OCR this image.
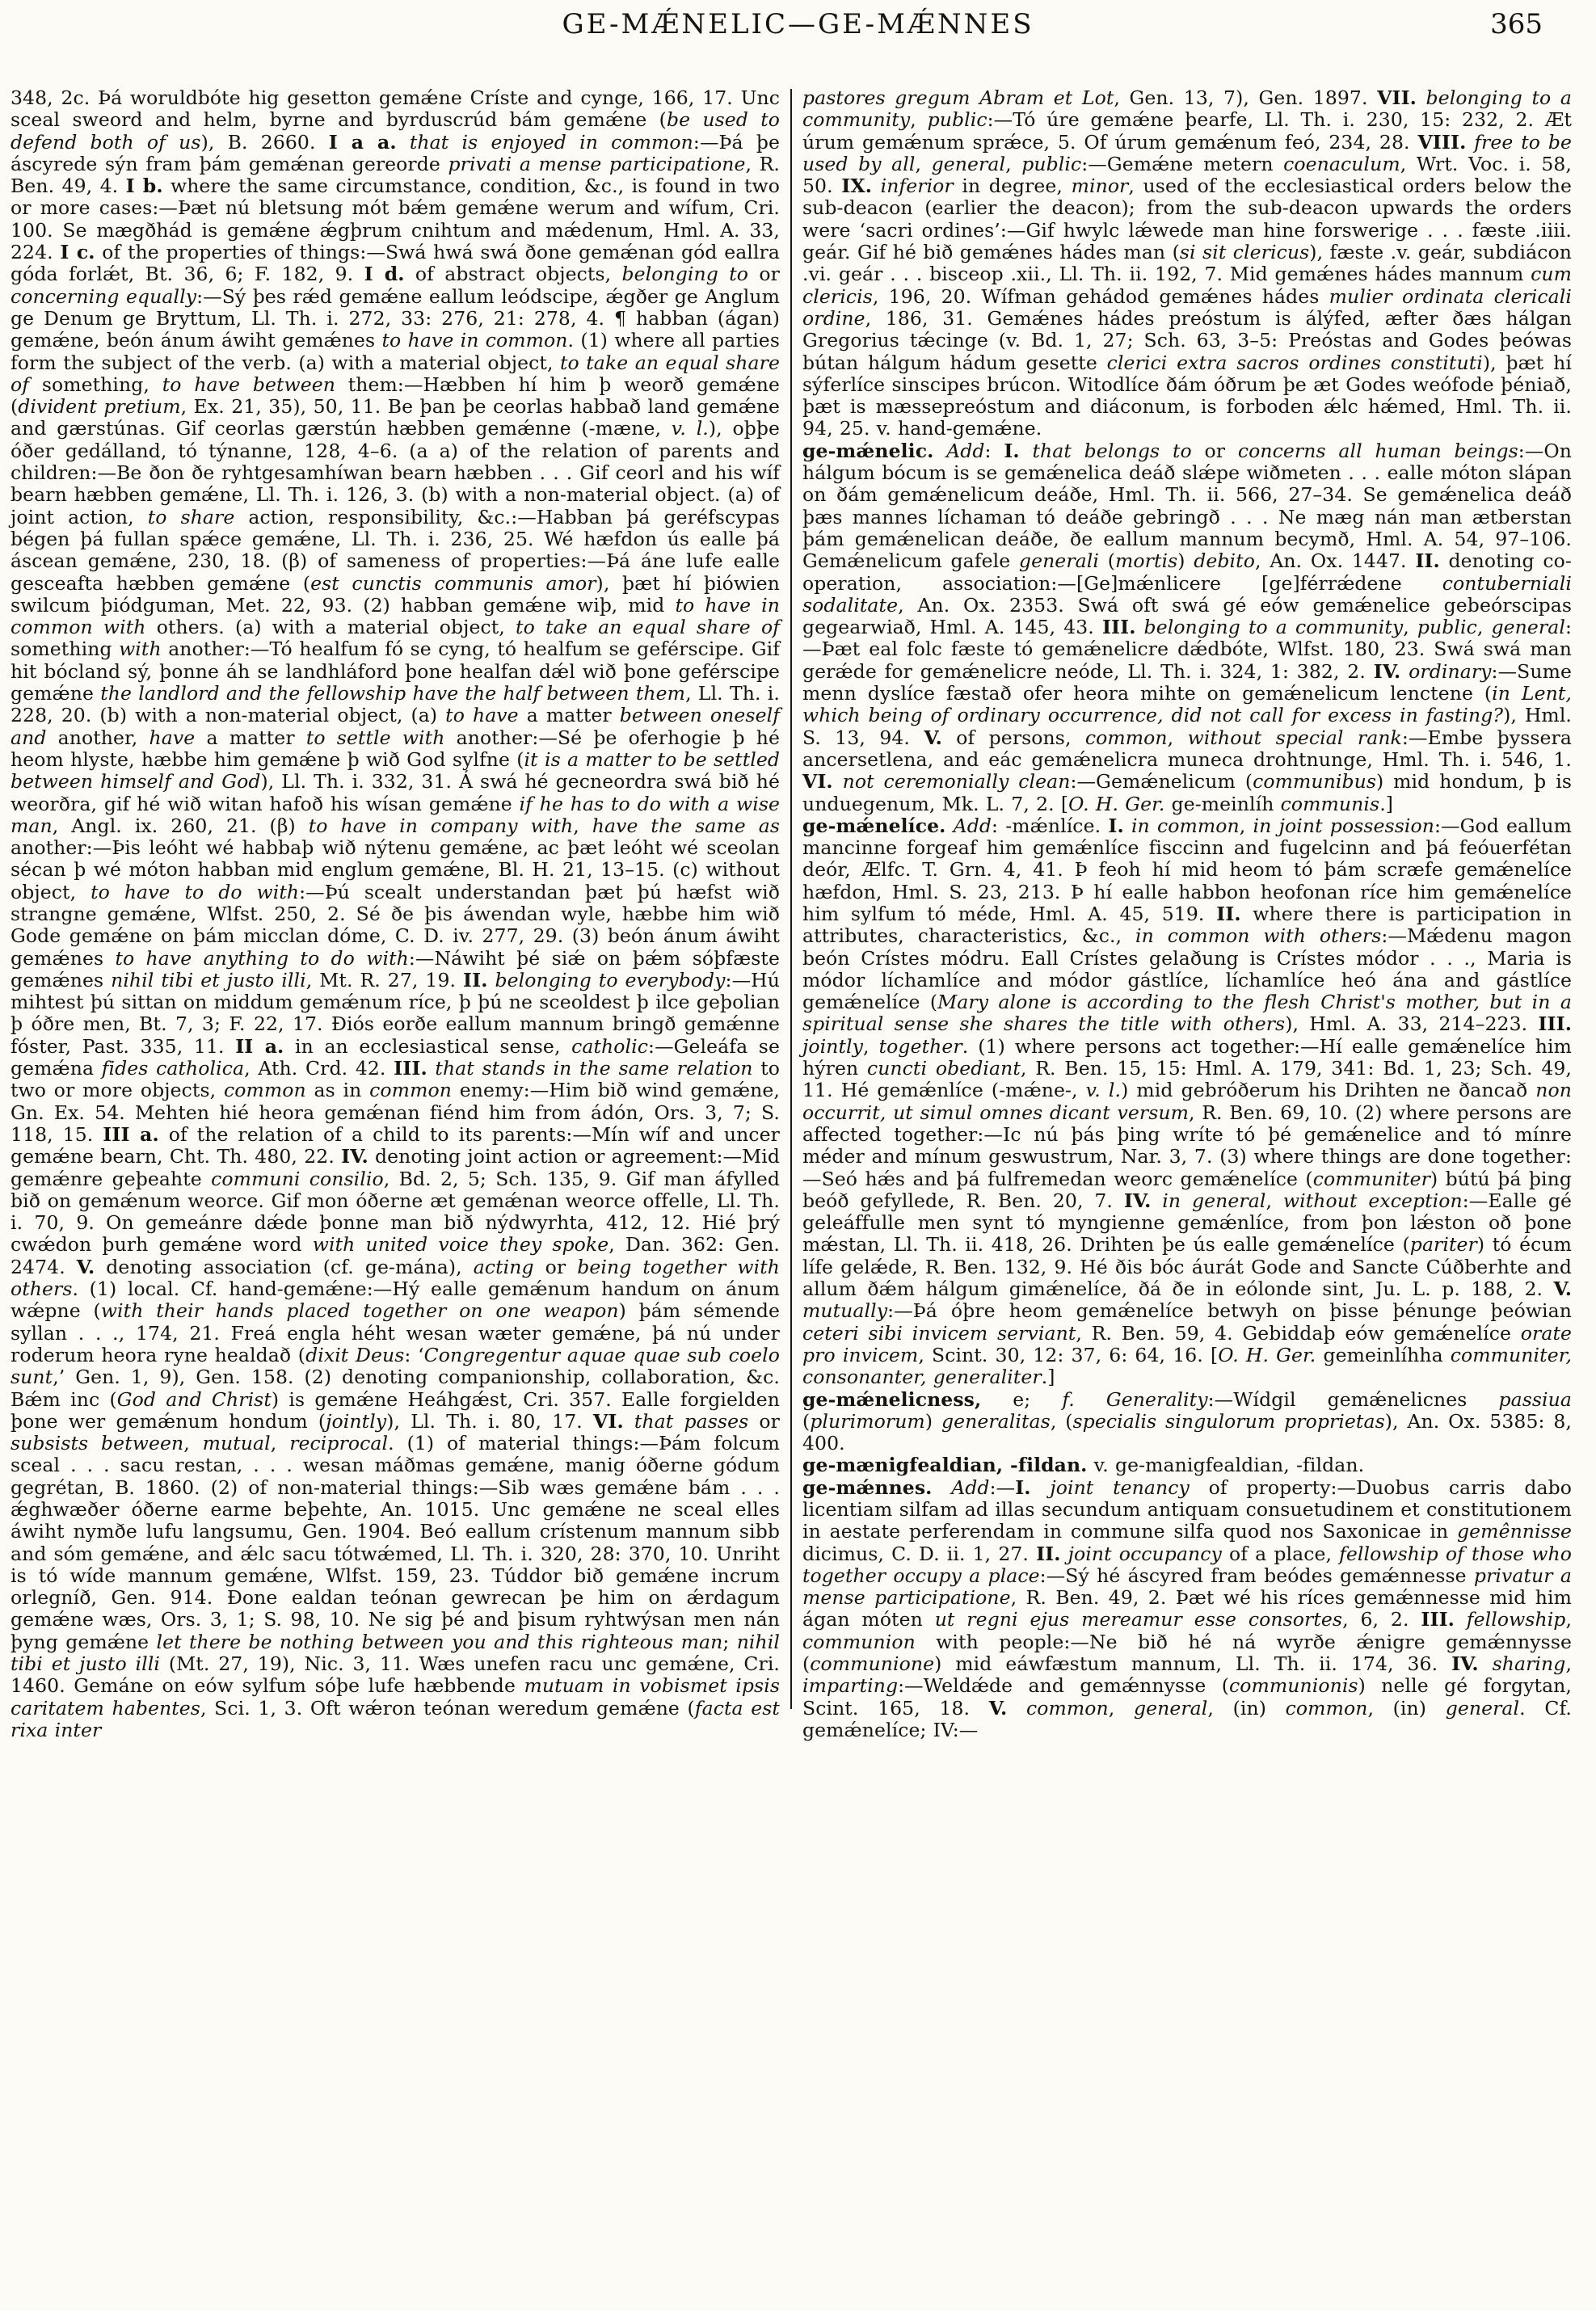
GE-MǼNELIC—GE-MǼNNES	365

348, 2c. Þá woruldbóte hig gesetton gemǽne Críste and cynge, 166, 17. Unc sceal sweord and helm, byrne and byrduscrúd bám gemǽne (be used to defend both of us), B. 2660. I a a. that is enjoyed in common:—Þá þe áscyrede sýn fram þám gemǽnan gereorde privati a mense participatione, R. Ben. 49, 4. I b. where the same circumstance, condition, &c., is found in two or more cases:—Þæt nú bletsung mót bǽm gemǽne werum and wífum, Cri. 100. Se mægðhád is gemǽne ǽgþrum cnihtum and mǽdenum, Hml. A. 33, 224. I c. of the properties of things:—Swá hwá swá ðone gemǽnan gód eallra góda forlǽt, Bt. 36, 6; F. 182, 9. I d. of abstract objects, belonging to or concerning equally:—Sý þes rǽd gemǽne eallum leódscipe, ǽgðer ge Anglum ge Denum ge Bryttum, Ll. Th. i. 272, 33: 276, 21: 278, 4. ¶ habban (ágan) gemǽne, beón ánum áwiht gemǽnes to have in common. (1) where all parties form the subject of the verb. (a) with a material object, to take an equal share of something, to have between them:—Hæbben hí him þ weorð gemǽne (divident pretium, Ex. 21, 35), 50, 11. Be þan þe ceorlas habbað land gemǽne and gærstúnas. Gif ceorlas gærstún hæbben gemǽnne (-mæne, v. l.), oþþe óðer gedálland, tó týnanne, 128, 4–6. (a a) of the relation of parents and children:—Be ðon ðe ryhtgesamhíwan bearn hæbben . . . Gif ceorl and his wíf bearn hæbben gemǽne, Ll. Th. i. 126, 3. (b) with a non-material object. (a) of joint action, to share action, responsibility, &c.:—Habban þá geréfscypas bégen þá fullan spǽce gemǽne, Ll. Th. i. 236, 25. Wé hæfdon ús ealle þá áscean gemǽne, 230, 18. (β) of sameness of properties:—Þá áne lufe ealle gesceafta hæbben gemǽne (est cunctis communis amor), þæt hí þiówien swilcum þiódguman, Met. 22, 93. (2) habban gemǽne wiþ, mid to have in common with others. (a) with a material object, to take an equal share of something with another:—Tó healfum fó se cyng, tó healfum se geférscipe. Gif hit bócland sý, þonne áh se landhláford þone healfan dǽl wið þone geférscipe gemǽne the landlord and the fellowship have the half between them, Ll. Th. i. 228, 20. (b) with a non-material object, (a) to have a matter between oneself and another, have a matter to settle with another:—Sé þe oferhogie þ hé heom hlyste, hæbbe him gemǽne þ wið God sylfne (it is a matter to be settled between himself and God), Ll. Th. i. 332, 31. Á swá hé gecneordra swá bið hé weorðra, gif hé wið witan hafoð his wísan gemǽne if he has to do with a wise man, Angl. ix. 260, 21. (β) to have in company with, have the same as another:—Þis leóht wé habbaþ wið nýtenu gemǽne, ac þæt leóht wé sceolan sécan þ wé móton habban mid englum gemǽne, Bl. H. 21, 13–15. (c) without object, to have to do with:—Þú scealt understandan þæt þú hæfst wið strangne gemǽne, Wlfst. 250, 2. Sé ðe þis áwendan wyle, hæbbe him wið Gode gemǽne on þám micclan dóme, C. D. iv. 277, 29. (3) beón ánum áwiht gemǽnes to have anything to do with:—Náwiht þé siǽ on þǽm sóþfæste gemǽnes nihil tibi et justo illi, Mt. R. 27, 19. II. belonging to everybody:—Hú mihtest þú sittan on middum gemǽnum ríce, þ þú ne sceoldest þ ilce geþolian þ óðre men, Bt. 7, 3; F. 22, 17. Ðiós eorðe eallum mannum bringð gemǽnne fóster, Past. 335, 11. II a. in an ecclesiastical sense, catholic:—Geleáfa se gemǽna fides catholica, Ath. Crd. 42. III. that stands in the same relation to two or more objects, common as in common enemy:—Him bið wind gemǽne, Gn. Ex. 54. Mehten hié heora gemǽnan fiénd him from ádón, Ors. 3, 7; S. 118, 15. III a. of the relation of a child to its parents:—Mín wíf and uncer gemǽne bearn, Cht. Th. 480, 22. IV. denoting joint action or agreement:—Mid gemǽnre geþeahte communi consilio, Bd. 2, 5; Sch. 135, 9. Gif man áfylled bið on gemǽnum weorce. Gif mon óðerne æt gemǽnan weorce offelle, Ll. Th. i. 70, 9. On gemeánre dǽde þonne man bið nýdwyrhta, 412, 12. Hié þrý cwǽdon þurh gemǽne word with united voice they spoke, Dan. 362: Gen. 2474. V. denoting association (cf. ge-mána), acting or being together with others. (1) local. Cf. hand-gemǽne:—Hý ealle gemǽnum handum on ánum wǽpne (with their hands placed together on one weapon) þám sémende syllan . . ., 174, 21. Freá engla héht wesan wæter gemǽne, þá nú under roderum heora ryne healdað (dixit Deus: ‘Congregentur aquae quae sub coelo sunt,’ Gen. 1, 9), Gen. 158. (2) denoting companionship, collaboration, &c. Bǽm inc (God and Christ) is gemǽne Heáhgǽst, Cri. 357. Ealle forgielden þone wer gemǽnum hondum (jointly), Ll. Th. i. 80, 17. VI. that passes or subsists between, mutual, reciprocal. (1) of material things:—Þám folcum sceal . . . sacu restan, . . . wesan máðmas gemǽne, manig óðerne gódum gegrétan, B. 1860. (2) of non-material things:—Sib wæs gemǽne bám . . . ǽghwæðer óðerne earme beþehte, An. 1015. Unc gemǽne ne sceal elles áwiht nymðe lufu langsumu, Gen. 1904. Beó eallum crístenum mannum sibb and sóm gemǽne, and ǽlc sacu tótwǽmed, Ll. Th. i. 320, 28: 370, 10. Unriht is tó wíde mannum gemǽne, Wlfst. 159, 23. Túddor bið gemǽne incrum orlegníð, Gen. 914. Ðone ealdan teónan gewrecan þe him on ǽrdagum gemǽne wæs, Ors. 3, 1; S. 98, 10. Ne sig þé and þisum ryhtwýsan men nán þyng gemǽne let there be nothing between you and this righteous man; nihil tibi et justo illi (Mt. 27, 19), Nic. 3, 11. Wæs unefen racu unc gemǽne, Cri. 1460. Gemáne on eów sylfum sóþe lufe hæbbende mutuam in vobismet ipsis caritatem habentes, Sci. 1, 3. Oft wǽron teónan weredum gemǽne (facta est rixa inter

pastores gregum Abram et Lot, Gen. 13, 7), Gen. 1897. VII. belonging to a community, public:—Tó úre gemǽne þearfe, Ll. Th. i. 230, 15: 232, 2. Æt úrum gemǽnum sprǽce, 5. Of úrum gemǽnum feó, 234, 28. VIII. free to be used by all, general, public:—Gemǽne metern coenaculum, Wrt. Voc. i. 58, 50. IX. inferior in degree, minor, used of the ecclesiastical orders below the sub-deacon (earlier the deacon); from the sub-deacon upwards the orders were ‘sacri ordines’:—Gif hwylc lǽwede man hine forswerige . . . fæste .iiii. geár. Gif hé bið gemǽnes hádes man (si sit clericus), fæste .v. geár, subdiácon .vi. geár . . . bisceop .xii., Ll. Th. ii. 192, 7. Mid gemǽnes hádes mannum cum clericis, 196, 20. Wífman gehádod gemǽnes hádes mulier ordinata clericali ordine, 186, 31. Gemǽnes hádes preóstum is álýfed, æfter ðæs hálgan Gregorius tǽcinge (v. Bd. 1, 27; Sch. 63, 3–5: Preóstas and Godes þeówas bútan hálgum hádum gesette clerici extra sacros ordines constituti), þæt hí sýferlíce sinscipes brúcon. Witodlíce ðám óðrum þe æt Godes weófode þéniað, þæt is mæssepreóstum and diáconum, is forboden ǽlc hǽmed, Hml. Th. ii. 94, 25. v. hand-gemǽne.

ge-mǽnelic. Add: I. that belongs to or concerns all human beings:—On hálgum bócum is se gemǽnelica deáð slǽpe wiðmeten . . . ealle móton slápan on ðám gemǽnelicum deáðe, Hml. Th. ii. 566, 27–34. Se gemǽnelica deáð þæs mannes líchaman tó deáðe gebringð . . . Ne mæg nán man ætberstan þám gemǽnelican deáðe, ðe eallum mannum becymð, Hml. A. 54, 97–106. Gemǽnelicum gafele generali (mortis) debito, An. Ox. 1447. II. denoting co-operation, association:—[Ge]mǽnlicere [ge]férrǽdene contuberniali sodalitate, An. Ox. 2353. Swá oft swá gé eów gemǽnelice gebeórscipas gegearwiað, Hml. A. 145, 43. III. belonging to a community, public, general:—Þæt eal folc fæste tó gemǽnelicre dǽdbóte, Wlfst. 180, 23. Swá swá man gerǽde for gemǽnelicre neóde, Ll. Th. i. 324, 1: 382, 2. IV. ordinary:—Sume menn dyslíce fæstað ofer heora mihte on gemǽnelicum lenctene (in Lent, which being of ordinary occurrence, did not call for excess in fasting?), Hml. S. 13, 94. V. of persons, common, without special rank:—Embe þyssera ancersetlena, and eác gemǽnelicra muneca drohtnunge, Hml. Th. i. 546, 1. VI. not ceremonially clean:—Gemǽnelicum (communibus) mid hondum, þ is unduegenum, Mk. L. 7, 2. [O. H. Ger. ge-meinlíh communis.]

ge-mǽnelíce. Add: -mǽnlíce. I. in common, in joint possession:—God eallum mancinne forgeaf him gemǽnlíce fisccinn and fugelcinn and þá feóuerfétan deór, Ælfc. T. Grn. 4, 41. Þ feoh hí mid heom tó þám scræfe gemǽnelíce hæfdon, Hml. S. 23, 213. Þ hí ealle habbon heofonan ríce him gemǽnelíce him sylfum tó méde, Hml. A. 45, 519. II. where there is participation in attributes, characteristics, &c., in common with others:—Mǽdenu magon beón Crístes módru. Eall Crístes gelaðung is Crístes módor . . ., Maria is módor líchamlíce and módor gástlíce, líchamlíce heó ána and gástlíce gemǽnelíce (Mary alone is according to the flesh Christ's mother, but in a spiritual sense she shares the title with others), Hml. A. 33, 214–223. III. jointly, together. (1) where persons act together:—Hí ealle gemǽnelíce him hýren cuncti obediant, R. Ben. 15, 15: Hml. A. 179, 341: Bd. 1, 23; Sch. 49, 11. Hé gemǽnlíce (-mǽne-, v. l.) mid gebróðerum his Drihten ne ðancað non occurrit, ut simul omnes dicant versum, R. Ben. 69, 10. (2) where persons are affected together:—Ic nú þás þing wríte tó þé gemǽnelice and tó mínre méder and mínum geswustrum, Nar. 3, 7. (3) where things are done together:—Seó hǽs and þá fulfremedan weorc gemǽnelíce (communiter) bútú þá þing beóð gefyllede, R. Ben. 20, 7. IV. in general, without exception:—Ealle gé geleáffulle men synt tó myngienne gemǽnlíce, from þon lǽston oð þone mǽstan, Ll. Th. ii. 418, 26. Drihten þe ús ealle gemǽnelíce (pariter) tó écum lífe gelǽde, R. Ben. 132, 9. Hé ðis bóc áurát Gode and Sancte Cúðberhte and allum ðǽm hálgum gimǽnelíce, ðá ðe in eólonde sint, Ju. L. p. 188, 2. V. mutually:—Þá óþre heom gemǽnelíce betwyh on þisse þénunge þeówian ceteri sibi invicem serviant, R. Ben. 59, 4. Gebiddaþ eów gemǽnelíce orate pro invicem, Scint. 30, 12: 37, 6: 64, 16. [O. H. Ger. gemeinlíhha communiter, consonanter, generaliter.]

ge-mǽnelicness, e; f. Generality:—Wídgil gemǽnelicnes passiua (plurimorum) generalitas, (specialis singulorum proprietas), An. Ox. 5385: 8, 400.

ge-mænigfealdian, -fildan. v. ge-manigfealdian, -fildan.

ge-mǽnnes. Add:—I. joint tenancy of property:—Duobus carris dabo licentiam silfam ad illas secundum antiquam consuetudinem et constitutionem in aestate perferendam in commune silfa quod nos Saxonicae in gemênnisse dicimus, C. D. ii. 1, 27. II. joint occupancy of a place, fellowship of those who together occupy a place:—Sý hé áscyred fram beódes gemǽnnesse privatur a mense participatione, R. Ben. 49, 2. Þæt wé his ríces gemǽnnesse mid him ágan móten ut regni ejus mereamur esse consortes, 6, 2. III. fellowship, communion with people:—Ne bið hé ná wyrðe ǽnigre gemǽnnysse (communione) mid eáwfæstum mannum, Ll. Th. ii. 174, 36. IV. sharing, imparting:—Weldǽde and gemǽnnysse (communionis) nelle gé forgytan, Scint. 165, 18. V. common, general, (in) common, (in) general. Cf. gemǽnelíce; IV:—
